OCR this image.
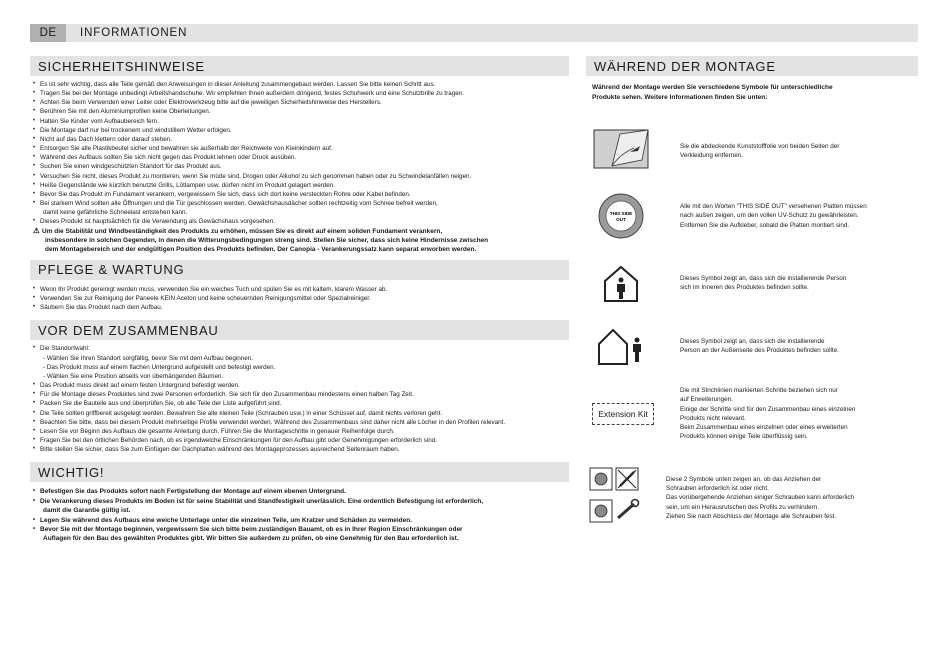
DE	INFORMATIONEN
SICHERHEITSHINWEISE
• Es ist sehr wichtig, dass alle Teile gemäß den Anweisungen in dieser Anleitung zusammengebaut werden. Lassen Sie bitte keinen Schritt aus.
• Tragen Sie bei der Montage unbedingt Arbeitshandschuhe. Wir empfehlen Ihnen außerdem dringend, festes Schuhwerk und eine Schutzbrille zu tragen.
• Achten Sie beim Verwenden einer Leiter oder Elektrowerkzeug bitte auf die jeweiligen Sicherheitshinweise des Herstellers.
• Berühren Sie mit den Aluminiumprofilen keine Oberleitungen.
• Halten Sie Kinder vom Aufbaubereich fern.
• Die Montage darf nur bei trockenem und windstillem Wetter erfolgen.
• Nicht auf das Dach klettern oder darauf stehen.
• Entsorgen Sie alle Plastikbeutel sicher und bewahren sie außerhalb der Reichweite von Kleinkindern auf.
• Während des Aufbaus sollten Sie sich nicht gegen das Produkt lehnen oder Druck ausüben.
• Suchen Sie einen windgeschützten Standort für das Produkt aus.
• Versuchen Sie nicht, dieses Produkt zu montieren, wenn Sie müde sind, Drogen oder Alkohol zu sich genommen haben oder zu Schwindelanfällen neigen.
• Heiße Gegenstände wie kürzlich benutzte Grills, Lötlampen usw. dürfen nicht im Produkt gelagert werden.
• Bevor Sie das Produkt im Fundament verankern, vergewissern Sie sich, dass sich dort keine versteckten Rohre oder Kabel befinden.
• Bei starkem Wind sollten alle Öffnungen und die Tür geschlossen werden. Gewächshausdächer sollten rechtzeitig vom Schnee befreit werden,
damit keine gefährliche Schneelast entstehen kann.
• Dieses Produkt ist hauptsächlich für die Verwendung als Gewächshaus vorgesehen.
⚠ Um die Stabilität und Windbeständigkeit des Produkts zu erhöhen, müssen Sie es direkt auf einem soliden Fundament verankern,
insbesondere in solchen Gegenden, in denen die Witterungsbedingungen streng sind. Stellen Sie sicher, dass sich keine Hindernisse zwischen
dem Montagebereich und der endgültigen Position des Produkts befinden. Der Canopia - Verankerungssatz kann separat erworben werden.
PFLEGE & WARTUNG
• Wenn Ihr Produkt gereinigt werden muss, verwenden Sie ein weiches Tuch und spülen Sie es mit kaltem, klarem Wasser ab.
• Verwenden Sie zur Reinigung der Paneele KEIN Aceton und keine scheuernden Reinigungsmittel oder Spezialreiniger.
• Säubern Sie das Produkt nach dem Aufbau.
VOR DEM ZUSAMMENBAU
• Die Standortwahl:
- Wählen Sie Ihren Standort sorgfältig, bevor Sie mit dem Aufbau beginnen.
- Das Produkt muss auf einem flachen Untergrund aufgestellt und befestigt werden.
- Wählen Sie eine Position abseits von überhängenden Bäumen.
• Das Produkt muss direkt auf einem festen Untergrund befestigt werden.
• Für die Montage dieses Produktes sind zwei Personen erforderlich. Sie sich für den Zusammenbau mindestens einen halben Tag Zeit.
• Packen Sie die Bauteile aus und überprüfen Sie, ob alle Teile der Liste aufgeführt sind.
• Die Teile sollten griffbereit ausgelegt werden. Bewahren Sie alle kleinen Teile (Schrauben usw.) in einer Schüssel auf, damit nichts verloren geht.
• Beachten Sie bitte, dass bei diesem Produkt mehrseitige Profile verwendet werden. Während des Zusammenbaus sind daher nicht alle Löcher in den Profilen relevant.
• Lesen Sie vor Beginn des Aufbaus die gesamte Anleitung durch. Führen Sie die Montageschritte in genauer Reihenfolge durch.
• Fragen Sie bei den örtlichen Behörden nach, ob es irgendwelche Einschränkungen für den Aufbau gibt oder Genehmigungen erforderlich sind.
• Bitte stellen Sie sicher, dass Sie zum Einfügen der Dachplatten während des Montageprozesses ausreichend Seitenraum haben.
WICHTIG!
• Befestigen Sie das Produkts sofort nach Fertigstellung der Montage auf einem ebenen Untergrund.
• Die Verankerung dieses Produkts im Boden ist für seine Stabilität und Standfestigkeit unerlässlich. Eine ordentlich Befestigung ist erforderlich,
damit die Garantie gültig ist.
• Legen Sie während des Aufbaus eine weiche Unterlage unter die einzelnen Teile, um Kratzer und Schäden zu vermeiden.
• Bevor Sie mit der Montage beginnen, vergewissern Sie sich bitte beim zuständigen Bauamt, ob es in Ihrer Region Einschränkungen oder
Auflagen für den Bau des gewählten Produktes gibt. Wir bitten Sie außerdem zu prüfen, ob eine Genehmig für den Bau erforderlich ist.
WÄHREND DER MONTAGE
Während der Montage werden Sie verschiedene Symbole für unterschiedliche
Produkte sehen. Weitere Informationen finden Sie unten:
Sie die abdeckende Kunststofffolie von beiden Seiten der
Verkleidung entfernen.
THIS SIDE
OUT
Alle mit den Worten "THIS SIDE OUT" versehenen Platten müssen
nach außen zeigen, um den vollen UV-Schutz zu gewährleisten.
Entfernen Sie die Aufkleber, sobald die Platten montiert sind.
Dieses Symbol zeigt an, dass sich die installierende Person
sich im Inneren des Produktes befinden sollte.
Dieses Symbol zeigt an, dass sich die installierende
Person an der Außenseite des Produktes befinden sollte.
Extension Kit
Die mit Strichlinien markierten Schritte beziehen sich nur
auf Erweiterungen.
Einige der Schritte sind für den Zusammenbau eines einzelnen
Produkts nicht relevant.
Beim Zusammenbau eines einzelnen oder eines erweiterten
Produkts können einige Teile überflüssig sein.
Diese 2 Symbole unten zeigen an, ob das Anziehen der
Schrauben erforderlich ist oder nicht.
Das vorübergehende Anziehen einiger Schrauben kann erforderlich
sein, um ein Herausrutschen des Profils zu verhindern.
Ziehen Sie nach Abschluss der Montage alle Schrauben fest.
